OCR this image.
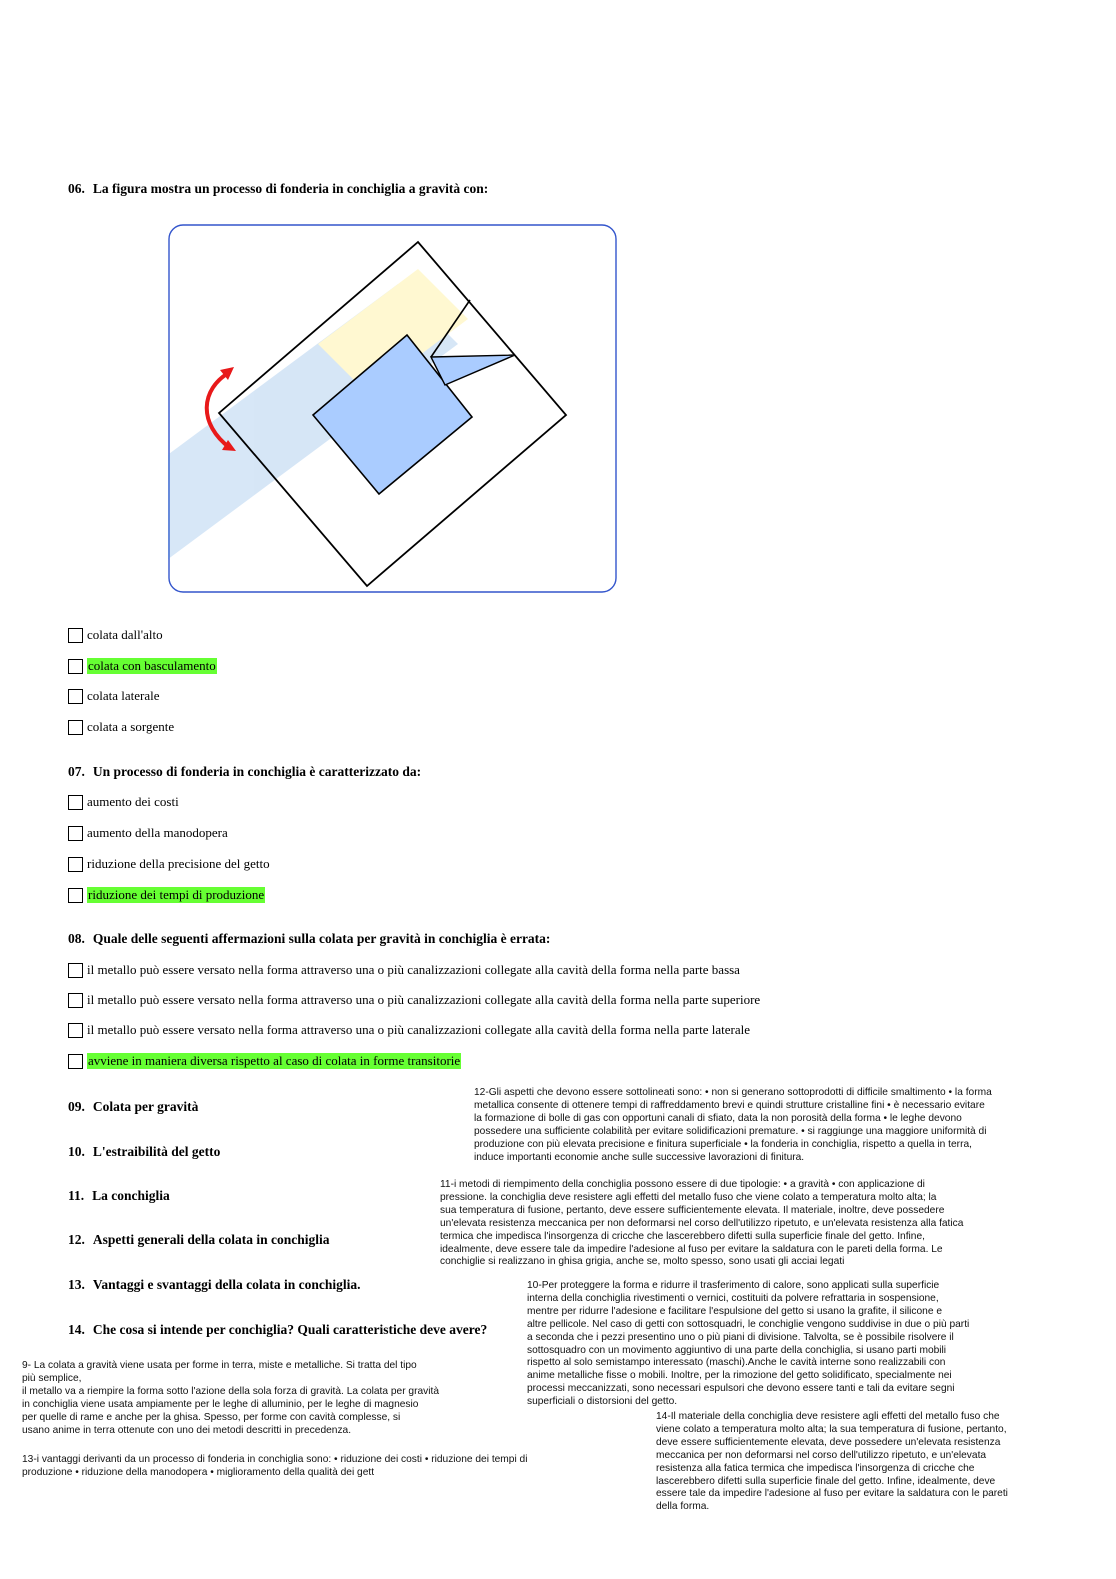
06. La figura mostra un processo di fonderia in conchiglia a gravità con:
colata dall'alto
colata con basculamento
colata laterale
colata a sorgente
07. Un processo di fonderia in conchiglia è caratterizzato da:
aumento dei costi
aumento della manodopera
riduzione della precisione del getto
riduzione dei tempi di produzione
08. Quale delle seguenti affermazioni sulla colata per gravità in conchiglia è errata:
il metallo può essere versato nella forma attraverso una o più canalizzazioni collegate alla cavità della forma nella parte bassa
il metallo può essere versato nella forma attraverso una o più canalizzazioni collegate alla cavità della forma nella parte superiore
il metallo può essere versato nella forma attraverso una o più canalizzazioni collegate alla cavità della forma nella parte laterale
avviene in maniera diversa rispetto al caso di colata in forme transitorie
09. Colata per gravità
10. L'estraibilità del getto
11. La conchiglia
12. Aspetti generali della colata in conchiglia
13. Vantaggi e svantaggi della colata in conchiglia.
14. Che cosa si intende per conchiglia? Quali caratteristiche deve avere?
12-Gli aspetti che devono essere sottolineati sono: • non si generano sottoprodotti di difficile smaltimento • la forma
metallica consente di ottenere tempi di raffreddamento brevi e quindi strutture cristalline fini • è necessario evitare
la formazione di bolle di gas con opportuni canali di sfiato, data la non porosità della forma • le leghe devono
possedere una sufficiente colabilità per evitare solidificazioni premature. • si raggiunge una maggiore uniformità di
produzione con più elevata precisione e finitura superficiale • la fonderia in conchiglia, rispetto a quella in terra,
induce importanti economie anche sulle successive lavorazioni di finitura.
11-i metodi di riempimento della conchiglia possono essere di due tipologie: • a gravità • con applicazione di
pressione. la conchiglia deve resistere agli effetti del metallo fuso che viene colato a temperatura molto alta; la
sua temperatura di fusione, pertanto, deve essere sufficientemente elevata. Il materiale, inoltre, deve possedere
un'elevata resistenza meccanica per non deformarsi nel corso dell'utilizzo ripetuto, e un'elevata resistenza alla fatica
termica che impedisca l'insorgenza di cricche che lascerebbero difetti sulla superficie finale del getto. Infine,
idealmente, deve essere tale da impedire l'adesione al fuso per evitare la saldatura con le pareti della forma. Le
conchiglie si realizzano in ghisa grigia, anche se, molto spesso, sono usati gli acciai legati
10-Per proteggere la forma e ridurre il trasferimento di calore, sono applicati sulla superficie
interna della conchiglia rivestimenti o vernici, costituiti da polvere refrattaria in sospensione,
mentre per ridurre l'adesione e facilitare l'espulsione del getto si usano la grafite, il silicone e
altre pellicole. Nel caso di getti con sottosquadri, le conchiglie vengono suddivise in due o più parti
a seconda che i pezzi presentino uno o più piani di divisione. Talvolta, se è possibile risolvere il
sottosquadro con un movimento aggiuntivo di una parte della conchiglia, si usano parti mobili
rispetto al solo semistampo interessato (maschi).Anche le cavità interne sono realizzabili con
anime metalliche fisse o mobili. Inoltre, per la rimozione del getto solidificato, specialmente nei
processi meccanizzati, sono necessari espulsori che devono essere tanti e tali da evitare segni
superficiali o distorsioni del getto.
9- La colata a gravità viene usata per forme in terra, miste e metalliche. Si tratta del tipo
più semplice,
il metallo va a riempire la forma sotto l'azione della sola forza di gravità. La colata per gravità
in conchiglia viene usata ampiamente per le leghe di alluminio, per le leghe di magnesio
per quelle di rame e anche per la ghisa. Spesso, per forme con cavità complesse, si
usano anime in terra ottenute con uno dei metodi descritti in precedenza.
14-Il materiale della conchiglia deve resistere agli effetti del metallo fuso che
viene colato a temperatura molto alta; la sua temperatura di fusione, pertanto,
deve essere sufficientemente elevata, deve possedere un'elevata resistenza
meccanica per non deformarsi nel corso dell'utilizzo ripetuto, e un'elevata
resistenza alla fatica termica che impedisca l'insorgenza di cricche che
lascerebbero difetti sulla superficie finale del getto. Infine, idealmente, deve
essere tale da impedire l'adesione al fuso per evitare la saldatura con le pareti
della forma.
13-i vantaggi derivanti da un processo di fonderia in conchiglia sono: • riduzione dei costi • riduzione dei tempi di
produzione • riduzione della manodopera • miglioramento della qualità dei gett
